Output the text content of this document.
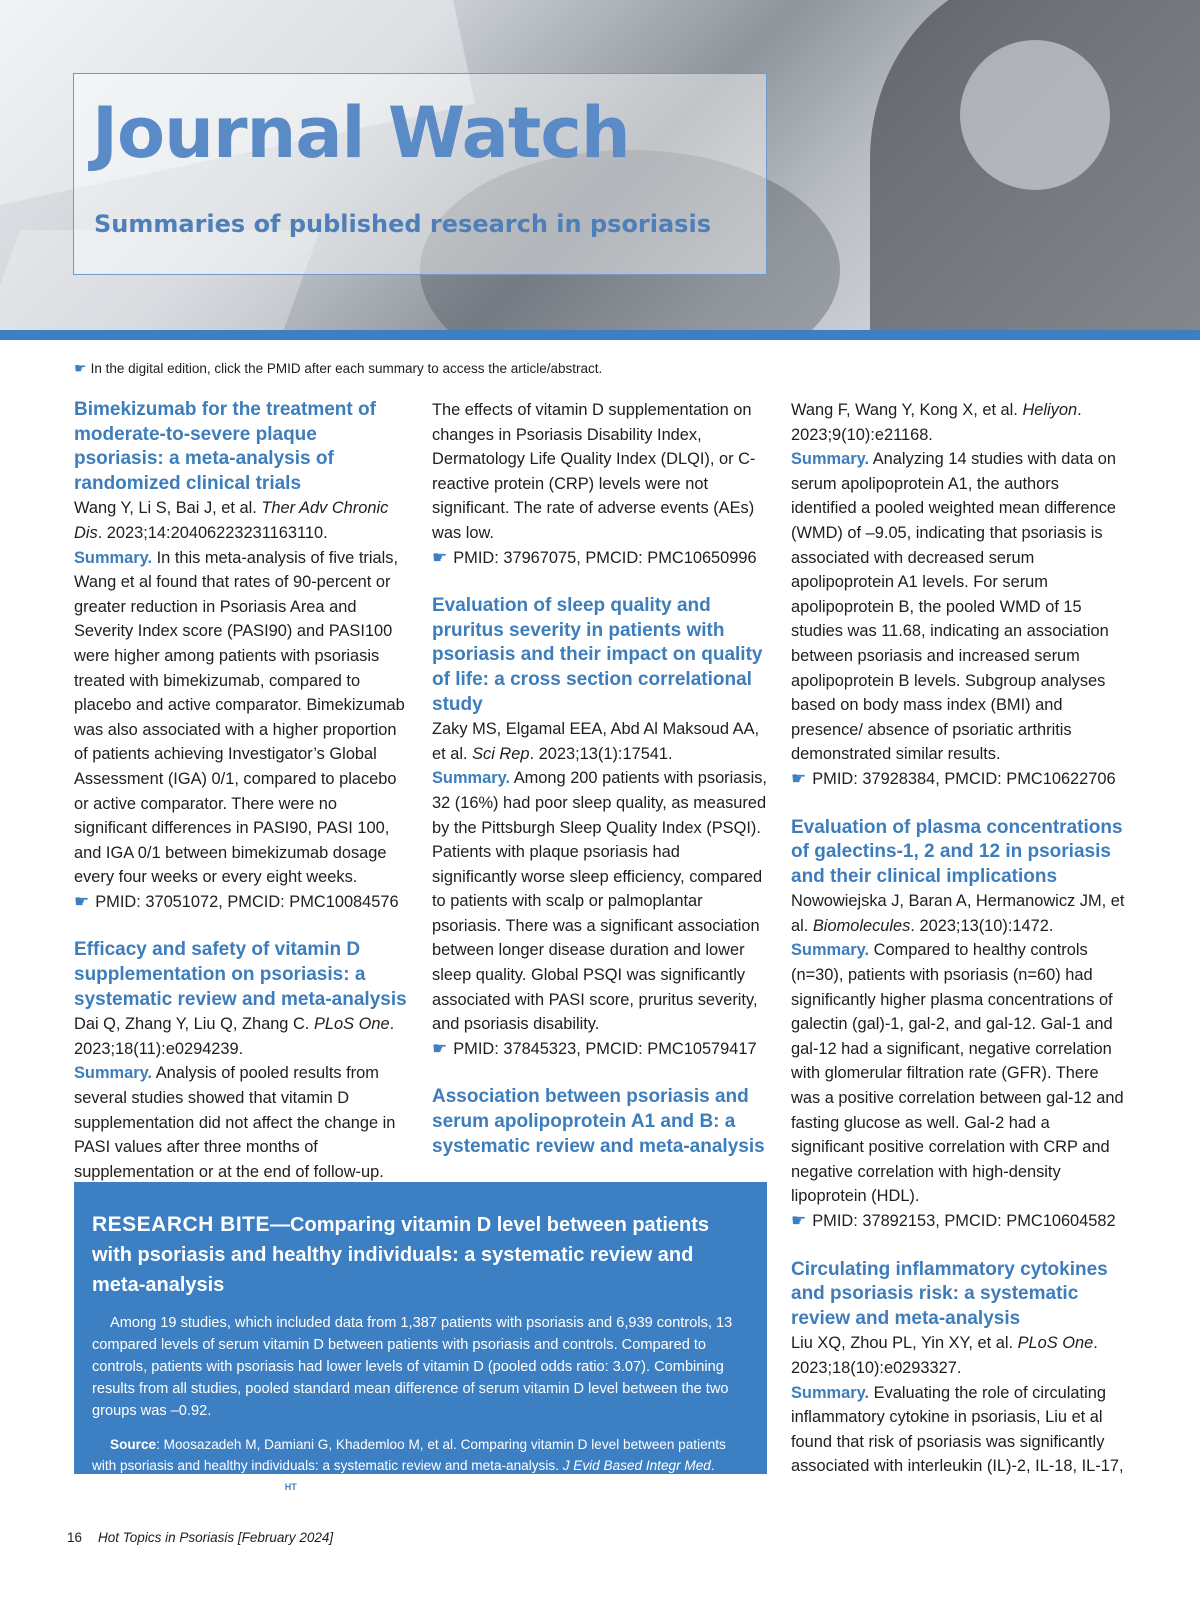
Journal Watch
Summaries of published research in psoriasis
☛ In the digital edition, click the PMID after each summary to access the article/abstract.

Bimekizumab for the treatment of moderate-to-severe plaque psoriasis: a meta-analysis of randomized clinical trials

Wang Y, Li S, Bai J, et al. Ther Adv Chronic Dis. 2023;14:20406223231163110.

Summary. In this meta-analysis of five trials, Wang et al found that rates of 90-percent or greater reduction in Psoriasis Area and Severity Index score (PASI90) and PASI100 were higher among patients with psoriasis treated with bimekizumab, compared to placebo and active comparator. Bimekizumab was also associated with a higher proportion of patients achieving Investigator’s Global Assessment (IGA) 0/1, compared to placebo or active comparator. There were no significant differences in PASI90, PASI 100, and IGA 0/1 between bimekizumab dosage every four weeks or every eight weeks.

☛ PMID: 37051072, PMCID: PMC10084576

Efficacy and safety of vitamin D supplementation on psoriasis: a systematic review and meta-analysis

Dai Q, Zhang Y, Liu Q, Zhang C. PLoS One. 2023;18(11):e0294239.

Summary. Analysis of pooled results from several studies showed that vitamin D supplementation did not affect the change in PASI values after three months of supplementation or at the end of follow-up.

The effects of vitamin D supplementation on changes in Psoriasis Disability Index, Dermatology Life Quality Index (DLQI), or C-reactive protein (CRP) levels were not significant. The rate of adverse events (AEs) was low.

☛ PMID: 37967075, PMCID: PMC10650996

Evaluation of sleep quality and pruritus severity in patients with psoriasis and their impact on quality of life: a cross section correlational study

Zaky MS, Elgamal EEA, Abd Al Maksoud AA, et al. Sci Rep. 2023;13(1):17541.

Summary. Among 200 patients with psoriasis, 32 (16%) had poor sleep quality, as measured by the Pittsburgh Sleep Quality Index (PSQI). Patients with plaque psoriasis had significantly worse sleep efficiency, compared to patients with scalp or palmoplantar psoriasis. There was a significant association between longer disease duration and lower sleep quality. Global PSQI was significantly associated with PASI score, pruritus severity, and psoriasis disability.

☛ PMID: 37845323, PMCID: PMC10579417

Association between psoriasis and serum apolipoprotein A1 and B: a systematic review and meta-analysis

Wang F, Wang Y, Kong X, et al. Heliyon. 2023;9(10):e21168.

Summary. Analyzing 14 studies with data on serum apolipoprotein A1, the authors identified a pooled weighted mean difference (WMD) of –9.05, indicating that psoriasis is associated with decreased serum apolipoprotein A1 levels. For serum apolipoprotein B, the pooled WMD of 15 studies was 11.68, indicating an association between psoriasis and increased serum apolipoprotein B levels. Subgroup analyses based on body mass index (BMI) and presence/ absence of psoriatic arthritis demonstrated similar results.

☛ PMID: 37928384, PMCID: PMC10622706

Evaluation of plasma concentrations of galectins-1, 2 and 12 in psoriasis and their clinical implications

Nowowiejska J, Baran A, Hermanowicz JM, et al. Biomolecules. 2023;13(10):1472.

Summary. Compared to healthy controls (n=30), patients with psoriasis (n=60) had significantly higher plasma concentrations of galectin (gal)-1, gal-2, and gal-12. Gal-1 and gal-12 had a significant, negative correlation with glomerular filtration rate (GFR). There was a positive correlation between gal-12 and fasting glucose as well. Gal-2 had a significant positive correlation with CRP and negative correlation with high-density lipoprotein (HDL).

☛ PMID: 37892153, PMCID: PMC10604582

Circulating inflammatory cytokines and psoriasis risk: a systematic review and meta-analysis

Liu XQ, Zhou PL, Yin XY, et al. PLoS One. 2023;18(10):e0293327.

Summary. Evaluating the role of circulating inflammatory cytokine in psoriasis, Liu et al found that risk of psoriasis was significantly associated with interleukin (IL)-2, IL-18, IL-17,

RESEARCH BITE—Comparing vitamin D level between patients with psoriasis and healthy individuals: a systematic review and meta-analysis

Among 19 studies, which included data from 1,387 patients with psoriasis and 6,939 controls, 13 compared levels of serum vitamin D between patients with psoriasis and controls. Compared to controls, patients with psoriasis had lower levels of vitamin D (pooled odds ratio: 3.07). Combining results from all studies, pooled standard mean difference of serum vitamin D level between the two groups was –0.92.

Source: Moosazadeh M, Damiani G, Khademloo M, et al. Comparing vitamin D level between patients with psoriasis and healthy individuals: a systematic review and meta-analysis. J Evid Based Integr Med. 2023;28:2515690X231211663. HT

16 Hot Topics in Psoriasis [February 2024]
